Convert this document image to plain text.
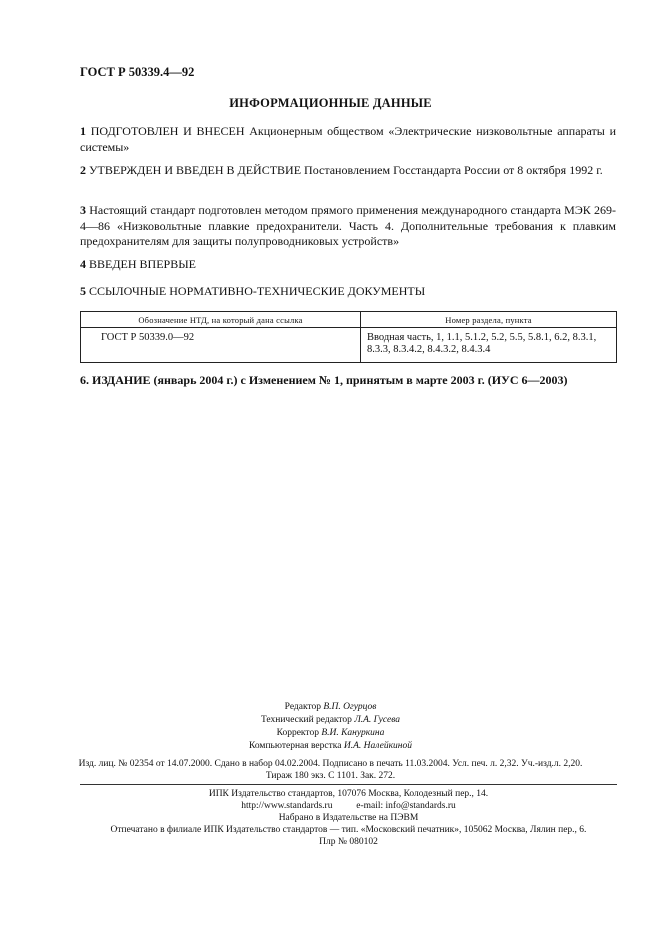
ГОСТ Р 50339.4—92
ИНФОРМАЦИОННЫЕ ДАННЫЕ
1 ПОДГОТОВЛЕН И ВНЕСЕН Акционерным обществом «Электрические низковольтные аппараты и системы»
2 УТВЕРЖДЕН И ВВЕДЕН В ДЕЙСТВИЕ Постановлением Госстандарта России от 8 октября 1992 г.
3 Настоящий стандарт подготовлен методом прямого применения международного стандарта МЭК 269-4—86 «Низковольтные плавкие предохранители. Часть 4. Дополнительные требования к плавким предохранителям для защиты полупроводниковых устройств»
4 ВВЕДЕН ВПЕРВЫЕ
5 ССЫЛОЧНЫЕ НОРМАТИВНО-ТЕХНИЧЕСКИЕ ДОКУМЕНТЫ
Обозначение НТД, на который дана ссылка	Номер раздела, пункта
ГОСТ Р 50339.0—92	Вводная часть, 1, 1.1, 5.1.2, 5.2, 5.5, 5.8.1, 6.2, 8.3.1, 8.3.3, 8.3.4.2, 8.4.3.2, 8.4.3.4
6. ИЗДАНИЕ (январь 2004 г.) с Изменением № 1, принятым в марте 2003 г. (ИУС 6—2003)
Редактор В.П. Огурцов
Технический редактор Л.А. Гусева
Корректор В.И. Кануркина
Компьютерная верстка И.А. Налейкиной
Изд. лиц. № 02354 от 14.07.2000. Сдано в набор 04.02.2004. Подписано в печать 11.03.2004. Усл. печ. л. 2,32. Уч.-изд.л. 2,20.
Тираж 180 экз. С 1101. Зак. 272.
ИПК Издательство стандартов, 107076 Москва, Колодезный пер., 14.
http://www.standards.ru	e-mail: info@standards.ru
Набрано в Издательстве на ПЭВМ
Отпечатано в филиале ИПК Издательство стандартов — тип. «Московский печатник», 105062 Москва, Лялин пер., 6.
Плр № 080102
